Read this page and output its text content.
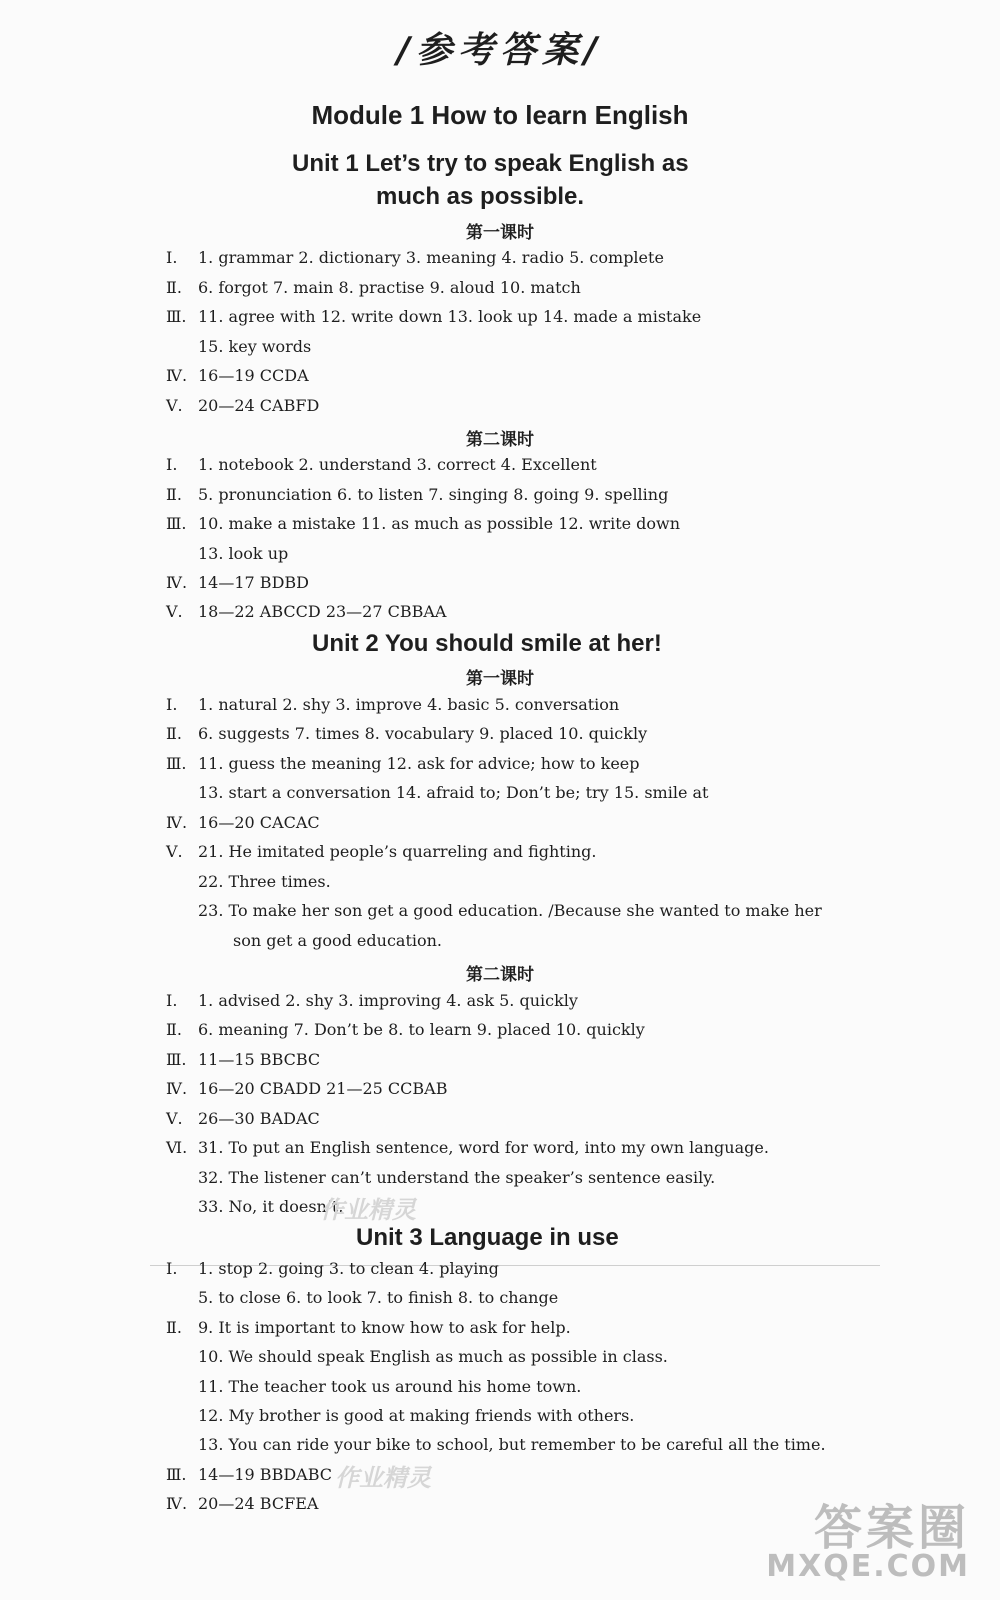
/参考答案/
Module 1 How to learn English
Unit 1 Let’s try to speak English as
much as possible.
第一课时
Ⅰ. 1. grammar 2. dictionary 3. meaning 4. radio 5. complete
Ⅱ. 6. forgot 7. main 8. practise 9. aloud 10. match
Ⅲ. 11. agree with 12. write down 13. look up 14. made a mistake
15. key words
Ⅳ. 16—19 CCDA
Ⅴ. 20—24 CABFD
第二课时
Ⅰ. 1. notebook 2. understand 3. correct 4. Excellent
Ⅱ. 5. pronunciation 6. to listen 7. singing 8. going 9. spelling
Ⅲ. 10. make a mistake 11. as much as possible 12. write down
13. look up
Ⅳ. 14—17 BDBD
Ⅴ. 18—22 ABCCD 23—27 CBBAA
Unit 2 You should smile at her!
第一课时
Ⅰ. 1. natural 2. shy 3. improve 4. basic 5. conversation
Ⅱ. 6. suggests 7. times 8. vocabulary 9. placed 10. quickly
Ⅲ. 11. guess the meaning 12. ask for advice; how to keep
13. start a conversation 14. afraid to; Don’t be; try 15. smile at
Ⅳ. 16—20 CACAC
Ⅴ. 21. He imitated people’s quarreling and fighting.
22. Three times.
23. To make her son get a good education. /Because she wanted to make her
son get a good education.
第二课时
Ⅰ. 1. advised 2. shy 3. improving 4. ask 5. quickly
Ⅱ. 6. meaning 7. Don’t be 8. to learn 9. placed 10. quickly
Ⅲ. 11—15 BBCBC
Ⅳ. 16—20 CBADD 21—25 CCBAB
Ⅴ. 26—30 BADAC
Ⅵ. 31. To put an English sentence, word for word, into my own language.
32. The listener can’t understand the speaker’s sentence easily.
33. No, it doesn’t.
Unit 3 Language in use
Ⅰ. 1. stop 2. going 3. to clean 4. playing
5. to close 6. to look 7. to finish 8. to change
Ⅱ. 9. It is important to know how to ask for help.
10. We should speak English as much as possible in class.
11. The teacher took us around his home town.
12. My brother is good at making friends with others.
13. You can ride your bike to school, but remember to be careful all the time.
Ⅲ. 14—19 BBDABC
Ⅳ. 20—24 BCFEA
作业精灵
作业精灵
答案圈
MXQE.COM
